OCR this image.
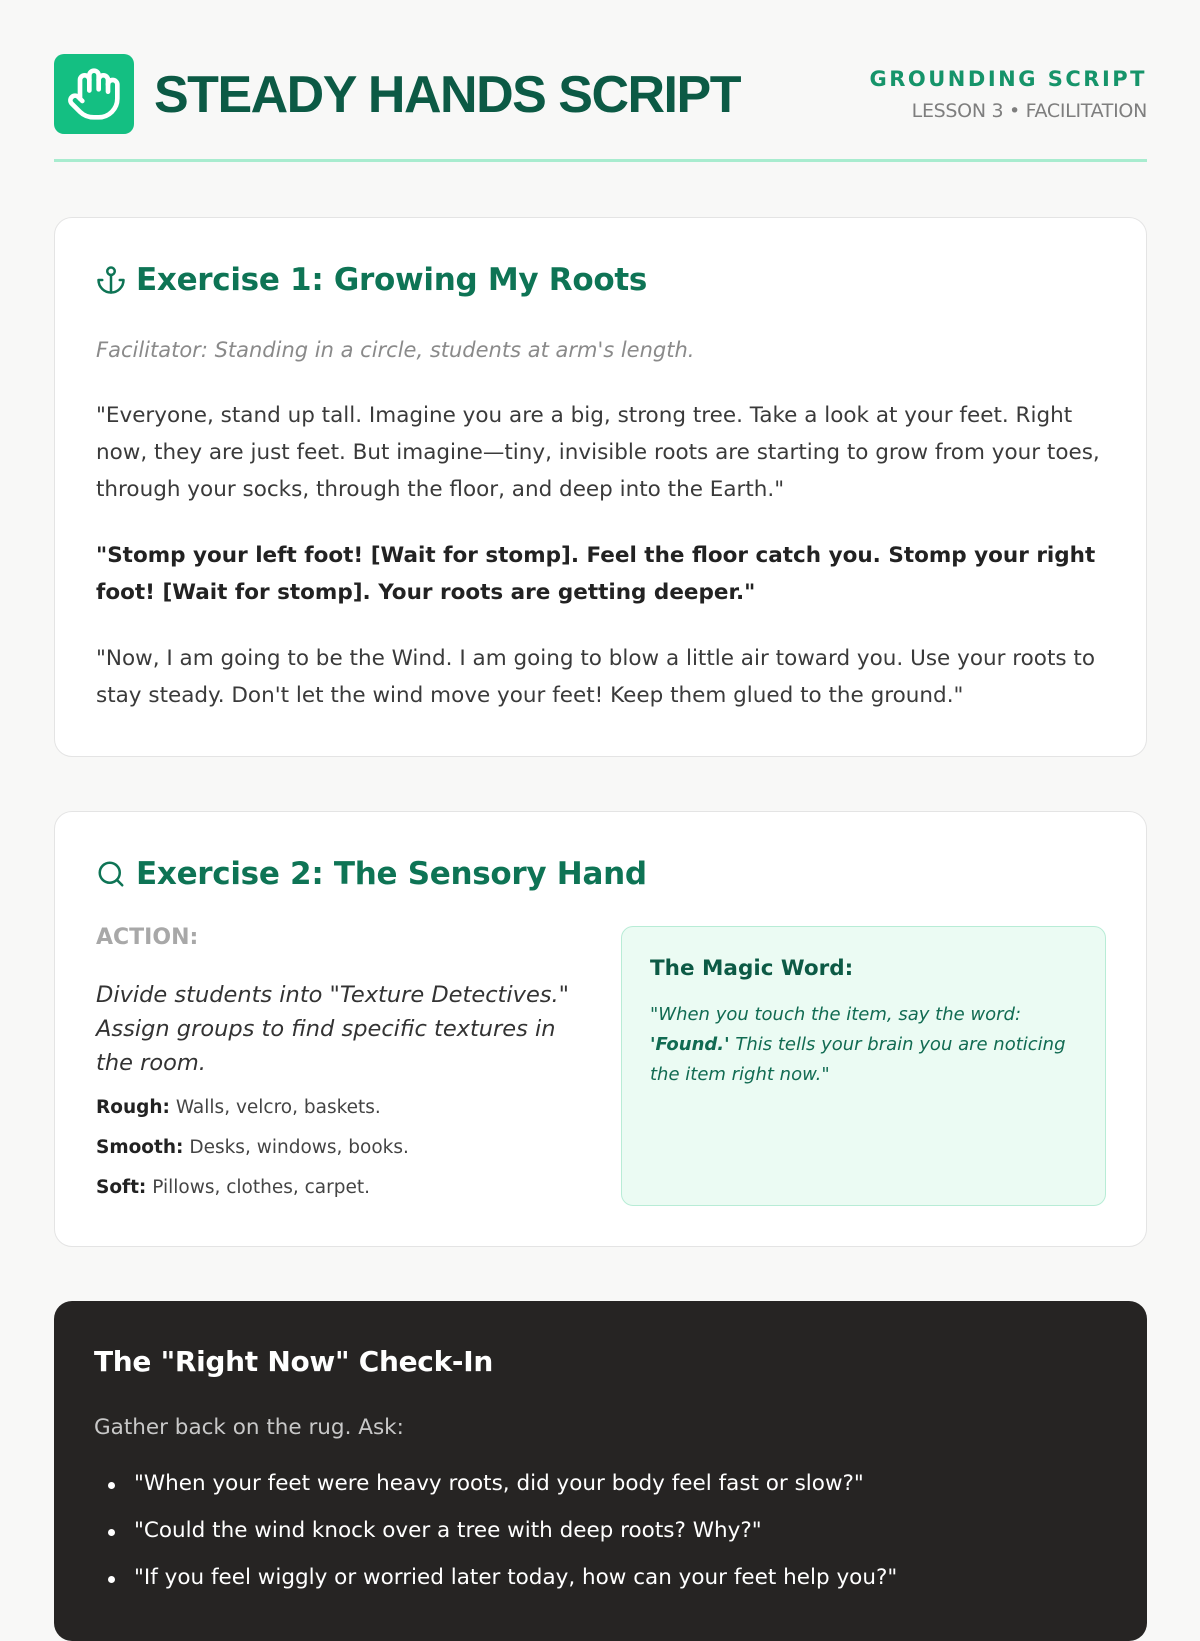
STEADY HANDS SCRIPT	GROUNDING SCRIPT
LESSON 3 • FACILITATION
Exercise 1: Growing My Roots

Facilitator: Standing in a circle, students at arm's length.

"Everyone, stand up tall. Imagine you are a big, strong tree. Take a look at your feet. Right now, they are just feet. But imagine—tiny, invisible roots are starting to grow from your toes, through your socks, through the floor, and deep into the Earth."

"Stomp your left foot! [Wait for stomp]. Feel the floor catch you. Stomp your right foot! [Wait for stomp]. Your roots are getting deeper."

"Now, I am going to be the Wind. I am going to blow a little air toward you. Use your roots to stay steady. Don't let the wind move your feet! Keep them glued to the ground."

Exercise 2: The Sensory Hand
ACTION:

Divide students into "Texture Detectives." Assign groups to find specific textures in the room.

Rough: Walls, velcro, baskets.
Smooth: Desks, windows, books.
Soft: Pillows, clothes, carpet.
The Magic Word:

"When you touch the item, say the word: 'Found.' This tells your brain you are noticing the item right now."

The "Right Now" Check-In
Gather back on the rug. Ask:
"When your feet were heavy roots, did your body feel fast or slow?"
"Could the wind knock over a tree with deep roots? Why?"
"If you feel wiggly or worried later today, how can your feet help you?"
